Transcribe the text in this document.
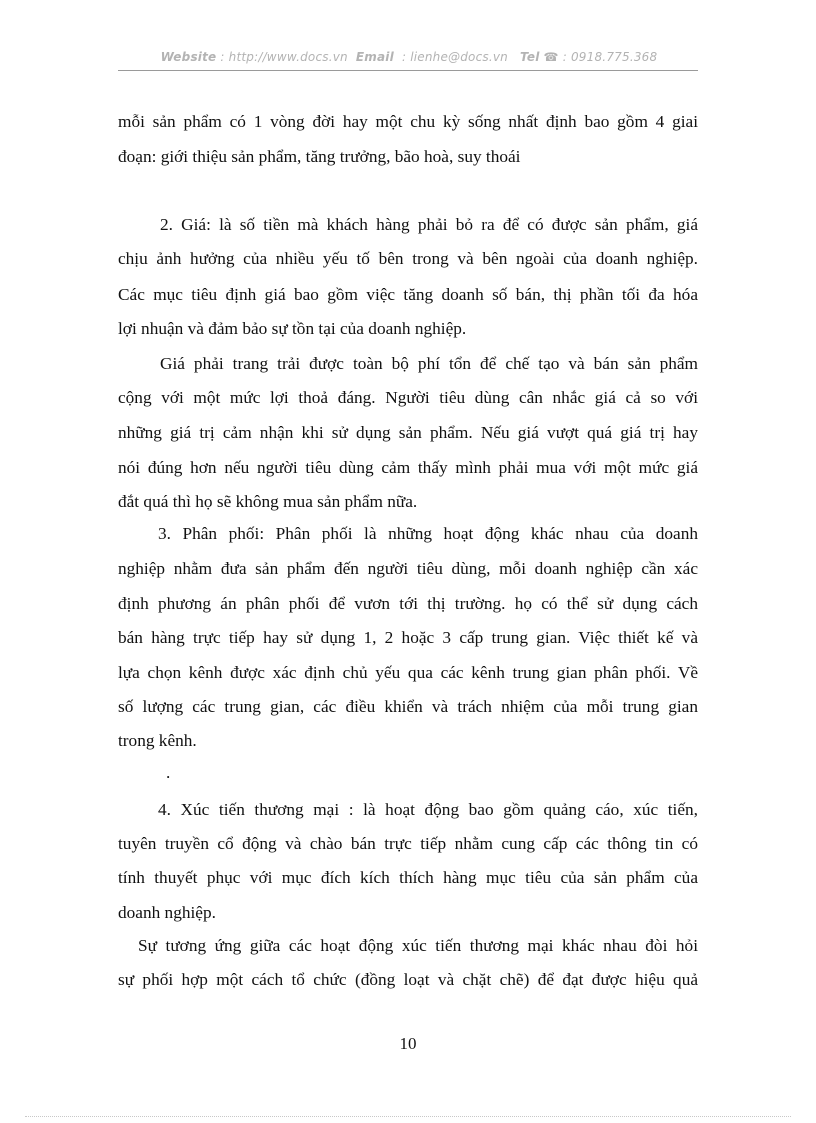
Website : http://www.docs.vn Email : lienhe@docs.vn Tel ☎ : 0918.775.368
mỗi sản phẩm có 1 vòng đời hay một chu kỳ sống nhất định bao gồm 4 giai
đoạn: giới thiệu sản phẩm, tăng trưởng, bão hoà, suy thoái
2. Giá: là số tiền mà khách hàng phải bỏ ra để có được sản phẩm, giá
chịu ảnh hưởng của nhiều yếu tố bên trong và bên ngoài của doanh nghiệp.
Các mục tiêu định giá bao gồm việc tăng doanh số bán, thị phần tối đa hóa
lợi nhuận và đảm bảo sự tồn tại của doanh nghiệp.
Giá phải trang trải được toàn bộ phí tổn để chế tạo và bán sản phẩm
cộng với một mức lợi thoả đáng. Người tiêu dùng cân nhắc giá cả so với
những giá trị cảm nhận khi sử dụng sản phẩm. Nếu giá vượt quá giá trị hay
nói đúng hơn nếu người tiêu dùng cảm thấy mình phải mua với một mức giá
đắt quá thì họ sẽ không mua sản phẩm nữa.
3. Phân phối: Phân phối là những hoạt động khác nhau của doanh
nghiệp nhằm đưa sản phẩm đến người tiêu dùng, mỗi doanh nghiệp cần xác
định phương án phân phối để vươn tới thị trường. họ có thể sử dụng cách
bán hàng trực tiếp hay sử dụng 1, 2 hoặc 3 cấp trung gian. Việc thiết kế và
lựa chọn kênh được xác định chủ yếu qua các kênh trung gian phân phối. Về
số lượng các trung gian, các điều khiển và trách nhiệm của mỗi trung gian
trong kênh.
.
4. Xúc tiến thương mại : là hoạt động bao gồm quảng cáo, xúc tiến,
tuyên truyền cổ động và chào bán trực tiếp nhằm cung cấp các thông tin có
tính thuyết phục với mục đích kích thích hàng mục tiêu của sản phẩm của
doanh nghiệp.
Sự tương ứng giữa các hoạt động xúc tiến thương mại khác nhau đòi hỏi
sự phối hợp một cách tổ chức (đồng loạt và chặt chẽ) để đạt được hiệu quả
10
